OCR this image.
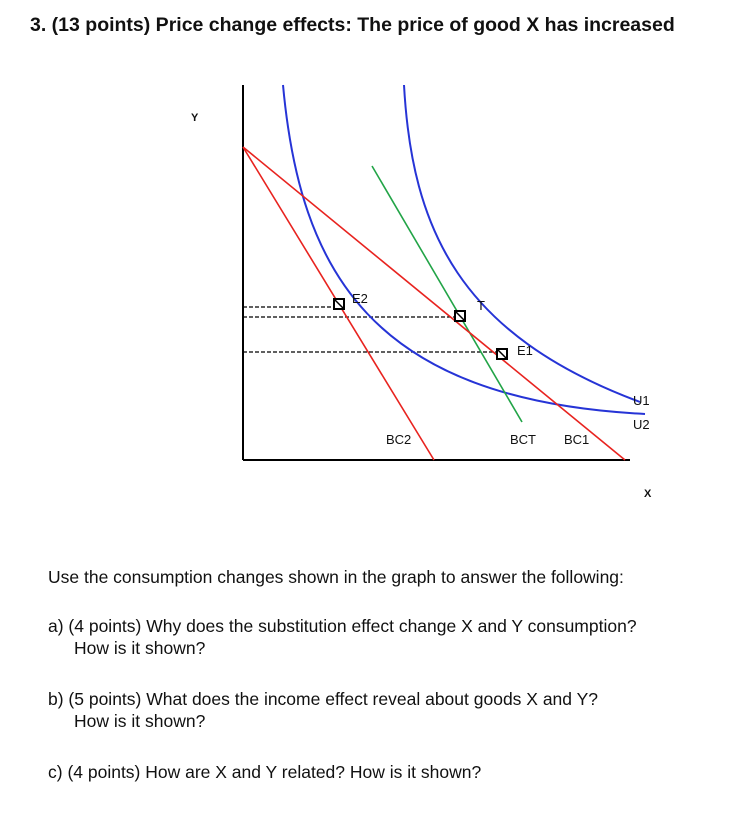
3. (13 points) Price change effects: The price of good X has increased
Y
X
E2	T
E1
U1
U2
BC2	BCT BC1
Use the consumption changes shown in the graph to answer the following:
a) (4 points) Why does the substitution effect change X and Y consumption?
How is it shown?
b) (5 points) What does the income effect reveal about goods X and Y?
How is it shown?
c) (4 points) How are X and Y related? How is it shown?
